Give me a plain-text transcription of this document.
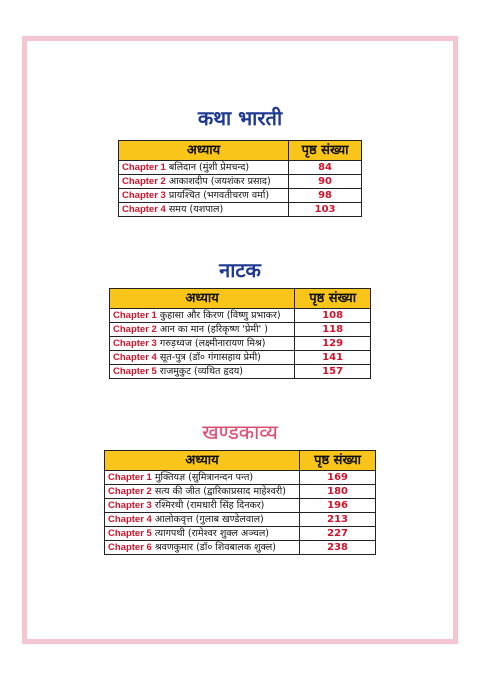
कथा भारती
अध्याय	पृष्ठ संख्या
Chapter 1 बलिदान (मुंशी प्रेमचन्द)	84
Chapter 2 आकाशदीप (जयशंकर प्रसाद)	90
Chapter 3 प्रायश्चित (भगवतीचरण वर्मा)	98
Chapter 4 समय (यशपाल)	103
नाटक
अध्याय	पृष्ठ संख्या
Chapter 1 कुहासा और किरण (विष्णु प्रभाकर)	108
Chapter 2 आन का मान (हरिकृष्ण 'प्रेमी' )	118
Chapter 3 गरुड़ध्वज (लक्ष्मीनारायण मिश्र)	129
Chapter 4 सूत-पुत्र (डॉ० गंगासहाय प्रेमी)	141
Chapter 5 राजमुकुट (व्यथित हृदय)	157
खण्डकाव्य
अध्याय	पृष्ठ संख्या
Chapter 1 मुक्तियज्ञ (सुमित्रानन्दन पन्त)	169
Chapter 2 सत्य की जीत (द्वारिकाप्रसाद माहेश्वरी)	180
Chapter 3 रश्मिरथी (रामधारी सिंह दिनकर)	196
Chapter 4 आलोकवृत्त (गुलाब खण्डेलवाल)	213
Chapter 5 त्यागपथी (रामेश्वर शुक्ल अञ्चल)	227
Chapter 6 श्रवणकुमार (डॉ० शिवबालक शुक्ल)	238
